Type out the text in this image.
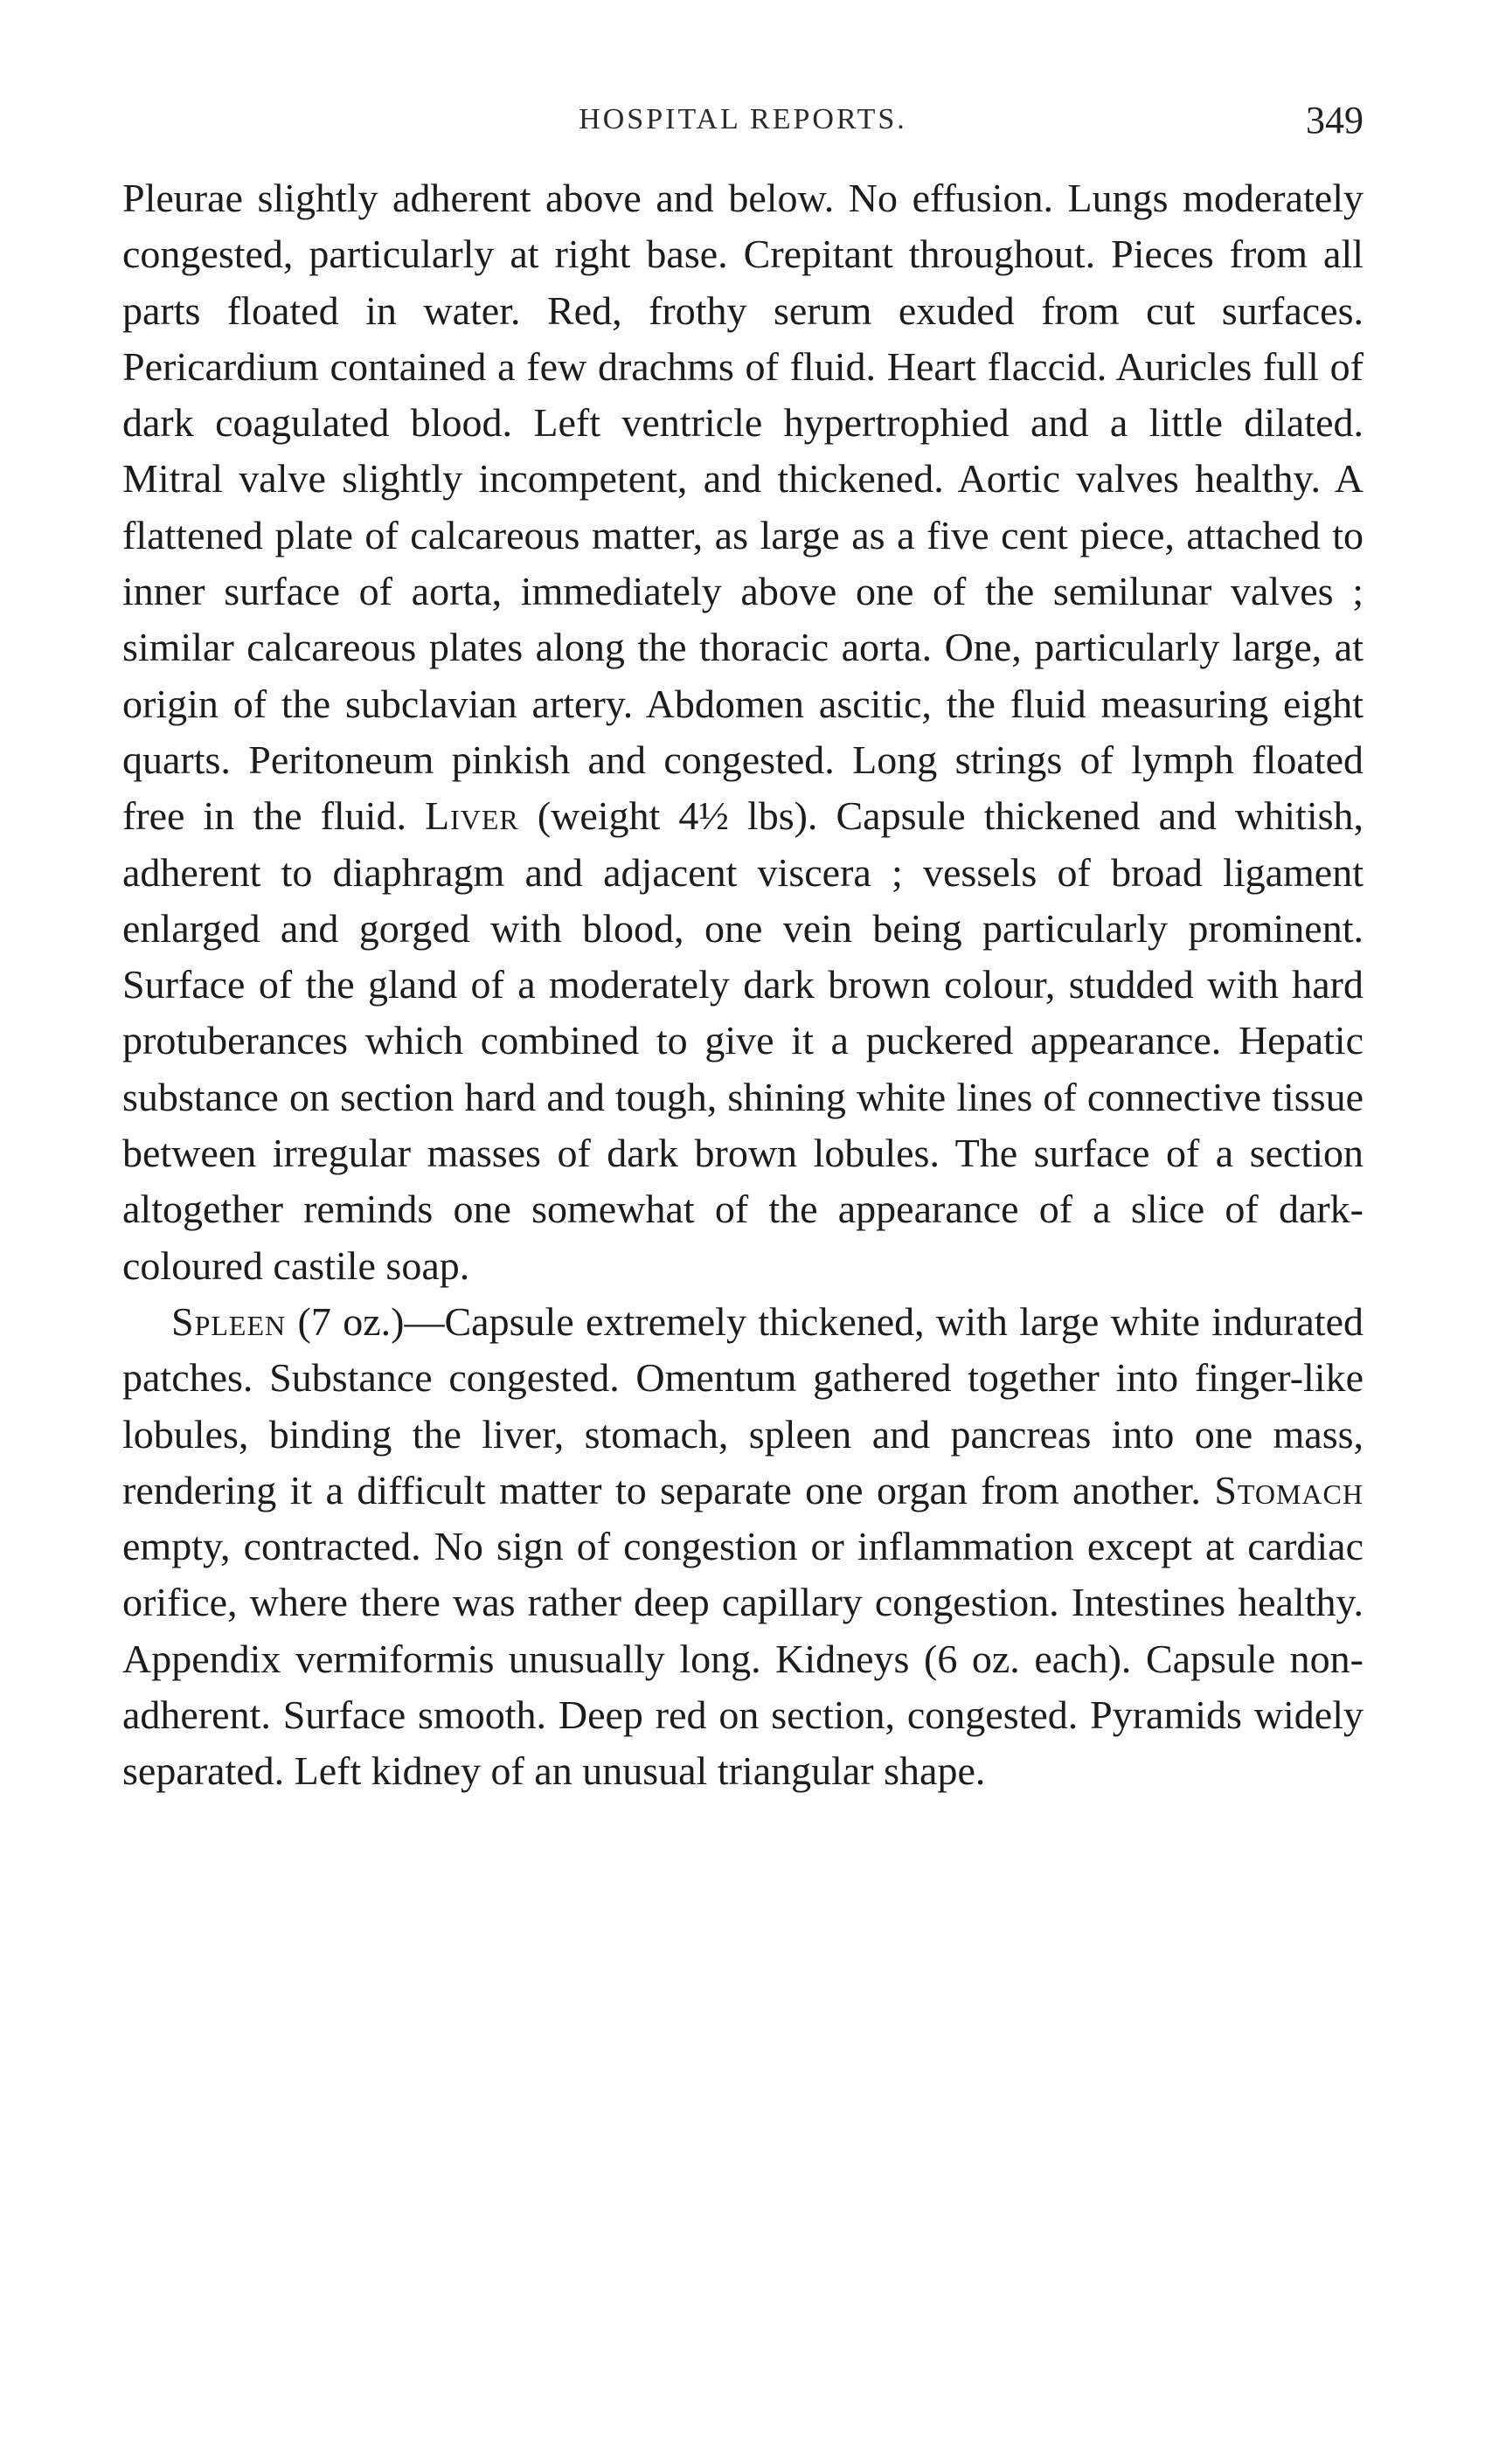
HOSPITAL REPORTS.	349

Pleurae slightly adherent above and below. No effusion. Lungs moderately congested, particularly at right base. Crepitant throughout. Pieces from all parts floated in water. Red, frothy serum exuded from cut surfaces. Pericardium contained a few drachms of fluid. Heart flaccid. Auricles full of dark coagulated blood. Left ventricle hypertrophied and a little dilated. Mitral valve slightly incompetent, and thickened. Aortic valves healthy. A flattened plate of calcareous matter, as large as a five cent piece, attached to inner surface of aorta, immediately above one of the semilunar valves ; similar calcareous plates along the thoracic aorta. One, particularly large, at origin of the subclavian artery. Abdomen ascitic, the fluid measuring eight quarts. Peritoneum pinkish and congested. Long strings of lymph floated free in the fluid. Liver (weight 4½ lbs). Capsule thickened and whitish, adherent to diaphragm and adjacent viscera ; vessels of broad ligament enlarged and gorged with blood, one vein being particularly prominent. Surface of the gland of a moderately dark brown colour, studded with hard protuberances which combined to give it a puckered appearance. Hepatic substance on section hard and tough, shining white lines of connective tissue between irregular masses of dark brown lobules. The surface of a section altogether reminds one somewhat of the appearance of a slice of dark-coloured castile soap.

Spleen (7 oz.)—Capsule extremely thickened, with large white indurated patches. Substance congested. Omentum gathered together into finger-like lobules, binding the liver, stomach, spleen and pancreas into one mass, rendering it a difficult matter to separate one organ from another. Stomach empty, contracted. No sign of congestion or inflammation except at cardiac orifice, where there was rather deep capillary congestion. Intestines healthy. Appendix vermiformis unusually long. Kidneys (6 oz. each). Capsule non-adherent. Surface smooth. Deep red on section, congested. Pyramids widely separated. Left kidney of an unusual triangular shape.
